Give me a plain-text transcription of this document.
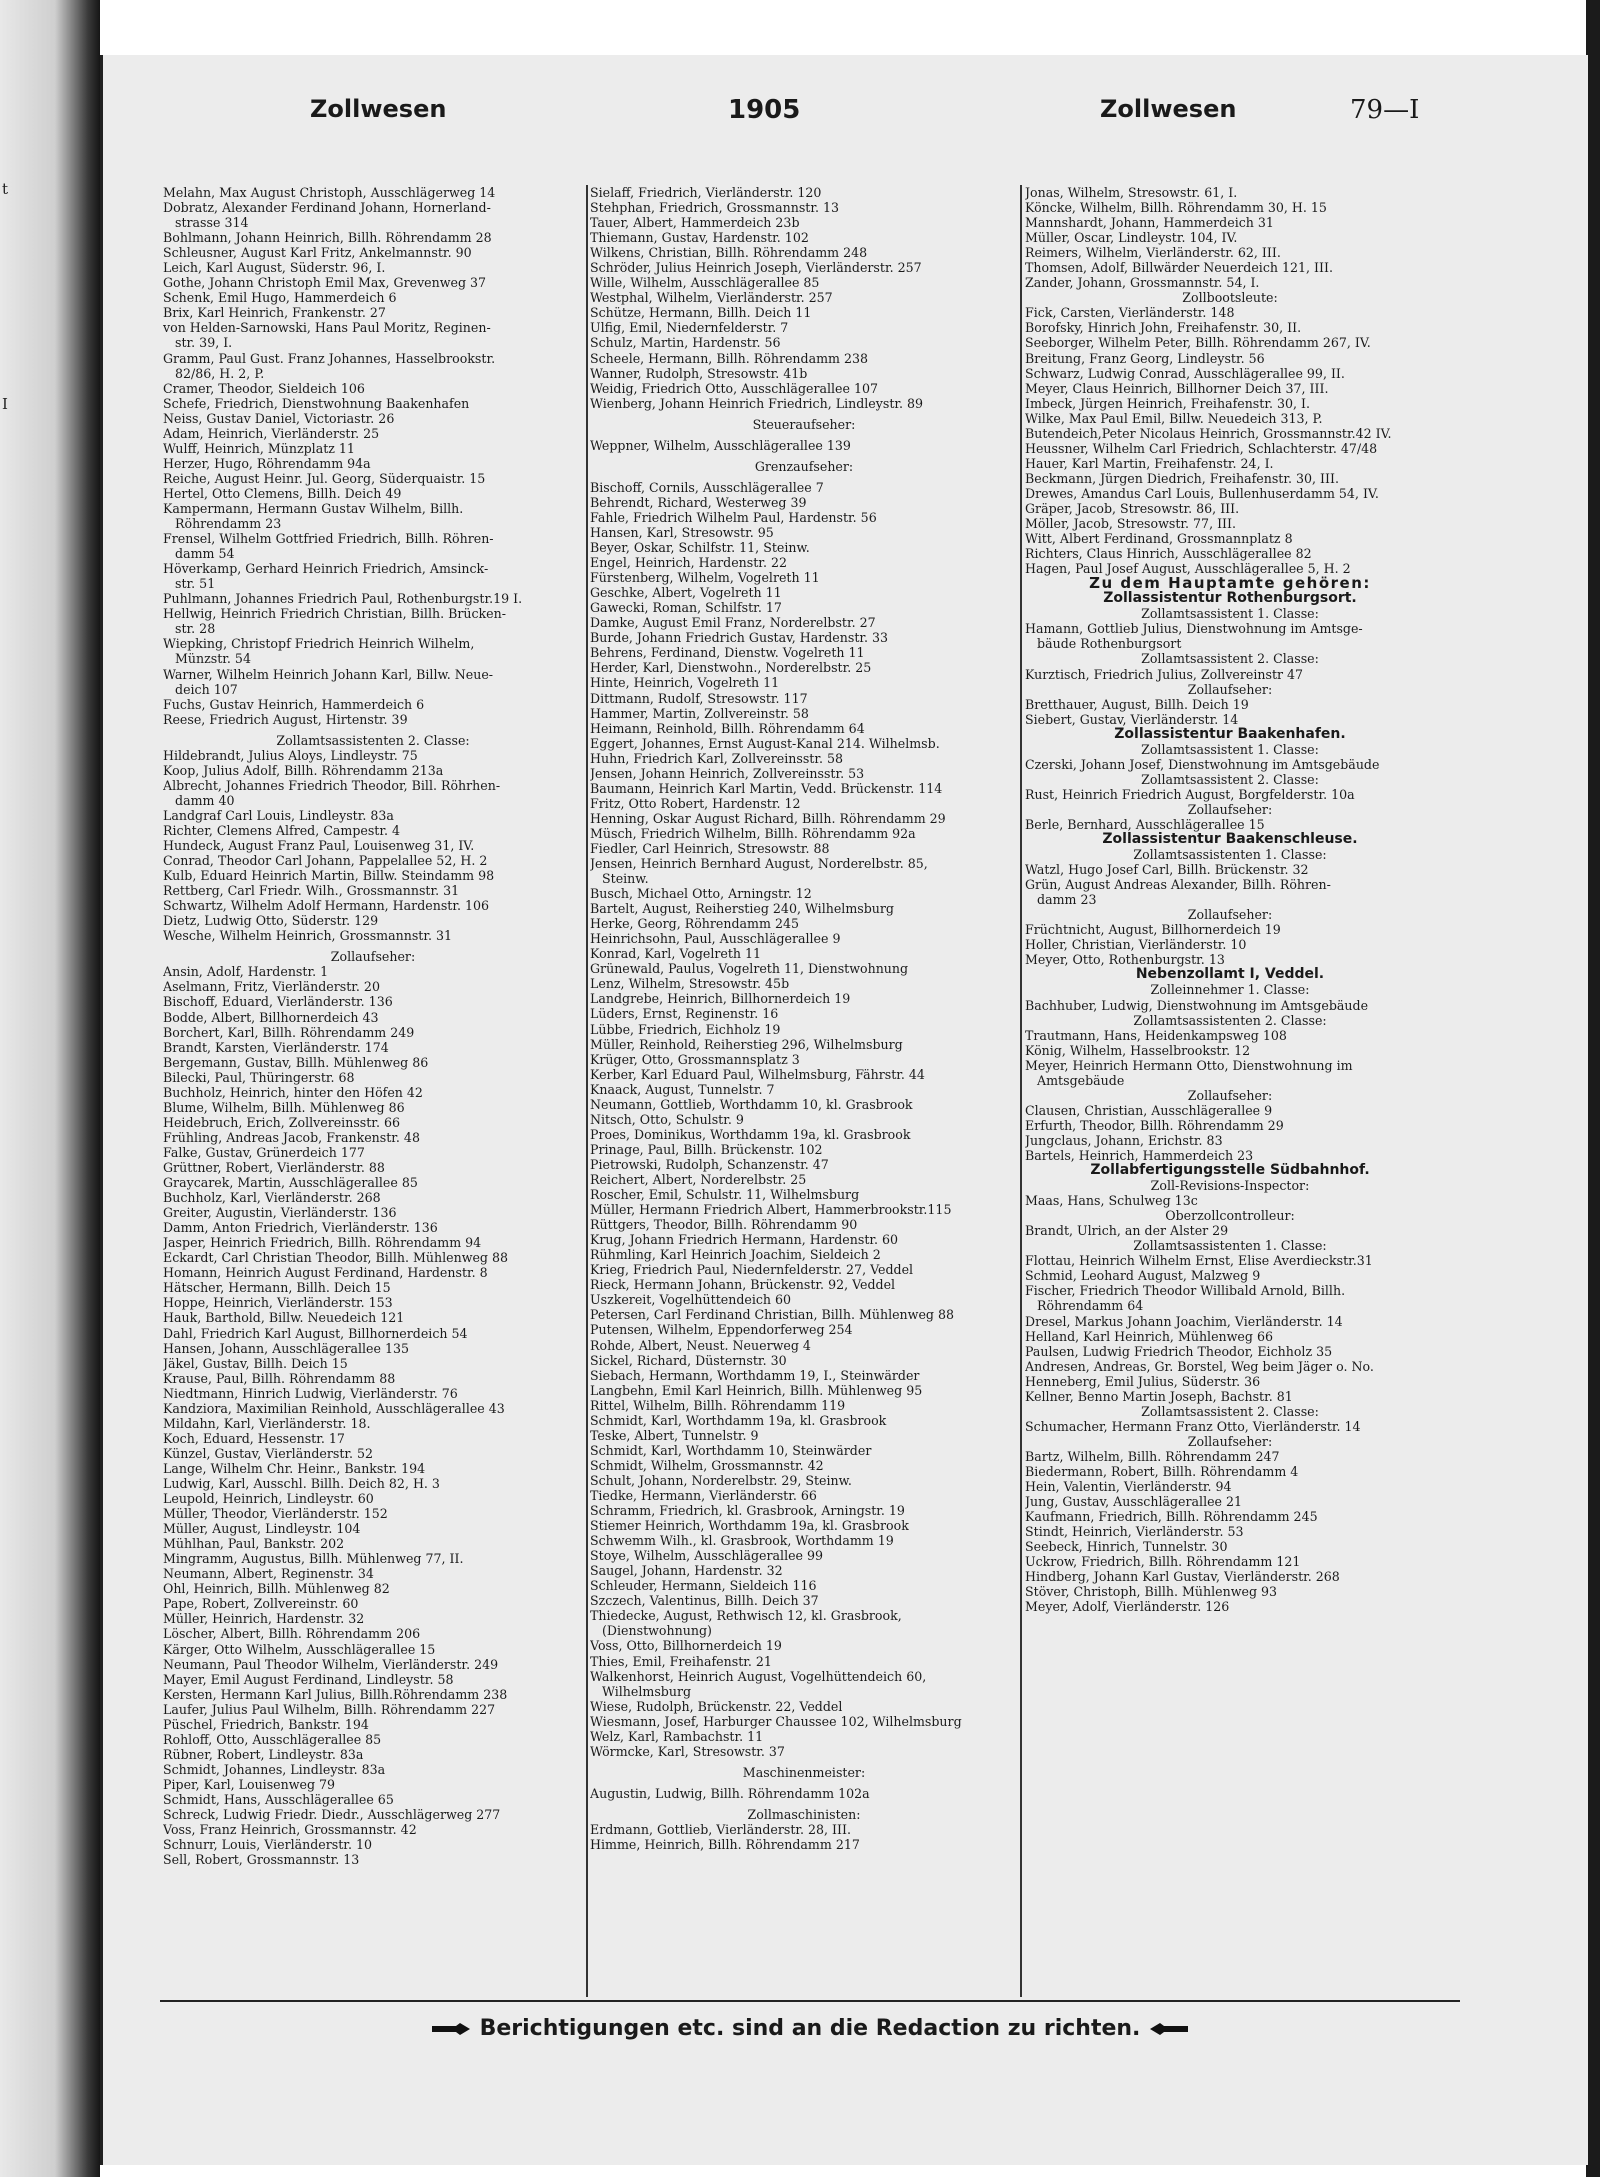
t
I
Zollwesen	1905	Zollwesen	79—I
Melahn, Max August Christoph, Ausschlägerweg 14
Dobratz, Alexander Ferdinand Johann, Hornerland-
strasse 314
Bohlmann, Johann Heinrich, Billh. Röhrendamm 28
Schleusner, August Karl Fritz, Ankelmannstr. 90
Leich, Karl August, Süderstr. 96, I.
Gothe, Johann Christoph Emil Max, Grevenweg 37
Schenk, Emil Hugo, Hammerdeich 6
Brix, Karl Heinrich, Frankenstr. 27
von Helden-Sarnowski, Hans Paul Moritz, Reginen-
str. 39, I.
Gramm, Paul Gust. Franz Johannes, Hasselbrookstr.
82/86, H. 2, P.
Cramer, Theodor, Sieldeich 106
Schefe, Friedrich, Dienstwohnung Baakenhafen
Neiss, Gustav Daniel, Victoriastr. 26
Adam, Heinrich, Vierländerstr. 25
Wulff, Heinrich, Münzplatz 11
Herzer, Hugo, Röhrendamm 94a
Reiche, August Heinr. Jul. Georg, Süderquaistr. 15
Hertel, Otto Clemens, Billh. Deich 49
Kampermann, Hermann Gustav Wilhelm, Billh.
Röhrendamm 23
Frensel, Wilhelm Gottfried Friedrich, Billh. Röhren-
damm 54
Höverkamp, Gerhard Heinrich Friedrich, Amsinck-
str. 51
Puhlmann, Johannes Friedrich Paul, Rothenburgstr.19 I.
Hellwig, Heinrich Friedrich Christian, Billh. Brücken-
str. 28
Wiepking, Christopf Friedrich Heinrich Wilhelm,
Münzstr. 54
Warner, Wilhelm Heinrich Johann Karl, Billw. Neue-
deich 107
Fuchs, Gustav Heinrich, Hammerdeich 6
Reese, Friedrich August, Hirtenstr. 39
Zollamtsassistenten 2. Classe:
Hildebrandt, Julius Aloys, Lindleystr. 75
Koop, Julius Adolf, Billh. Röhrendamm 213a
Albrecht, Johannes Friedrich Theodor, Bill. Röhrhen-
damm 40
Landgraf Carl Louis, Lindleystr. 83a
Richter, Clemens Alfred, Campestr. 4
Hundeck, August Franz Paul, Louisenweg 31, IV.
Conrad, Theodor Carl Johann, Pappelallee 52, H. 2
Kulb, Eduard Heinrich Martin, Billw. Steindamm 98
Rettberg, Carl Friedr. Wilh., Grossmannstr. 31
Schwartz, Wilhelm Adolf Hermann, Hardenstr. 106
Dietz, Ludwig Otto, Süderstr. 129
Wesche, Wilhelm Heinrich, Grossmannstr. 31
Zollaufseher:
Ansin, Adolf, Hardenstr. 1
Aselmann, Fritz, Vierländerstr. 20
Bischoff, Eduard, Vierländerstr. 136
Bodde, Albert, Billhornerdeich 43
Borchert, Karl, Billh. Röhrendamm 249
Brandt, Karsten, Vierländerstr. 174
Bergemann, Gustav, Billh. Mühlenweg 86
Bilecki, Paul, Thüringerstr. 68
Buchholz, Heinrich, hinter den Höfen 42
Blume, Wilhelm, Billh. Mühlenweg 86
Heidebruch, Erich, Zollvereinsstr. 66
Frühling, Andreas Jacob, Frankenstr. 48
Falke, Gustav, Grünerdeich 177
Grüttner, Robert, Vierländerstr. 88
Graycarek, Martin, Ausschlägerallee 85
Buchholz, Karl, Vierländerstr. 268
Greiter, Augustin, Vierländerstr. 136
Damm, Anton Friedrich, Vierländerstr. 136
Jasper, Heinrich Friedrich, Billh. Röhrendamm 94
Eckardt, Carl Christian Theodor, Billh. Mühlenweg 88
Homann, Heinrich August Ferdinand, Hardenstr. 8
Hätscher, Hermann, Billh. Deich 15
Hoppe, Heinrich, Vierländerstr. 153
Hauk, Barthold, Billw. Neuedeich 121
Dahl, Friedrich Karl August, Billhornerdeich 54
Hansen, Johann, Ausschlägerallee 135
Jäkel, Gustav, Billh. Deich 15
Krause, Paul, Billh. Röhrendamm 88
Niedtmann, Hinrich Ludwig, Vierländerstr. 76
Kandziora, Maximilian Reinhold, Ausschlägerallee 43
Mildahn, Karl, Vierländerstr. 18.
Koch, Eduard, Hessenstr. 17
Künzel, Gustav, Vierländerstr. 52
Lange, Wilhelm Chr. Heinr., Bankstr. 194
Ludwig, Karl, Ausschl. Billh. Deich 82, H. 3
Leupold, Heinrich, Lindleystr. 60
Müller, Theodor, Vierländerstr. 152
Müller, August, Lindleystr. 104
Mühlhan, Paul, Bankstr. 202
Mingramm, Augustus, Billh. Mühlenweg 77, II.
Neumann, Albert, Reginenstr. 34
Ohl, Heinrich, Billh. Mühlenweg 82
Pape, Robert, Zollvereinstr. 60
Müller, Heinrich, Hardenstr. 32
Löscher, Albert, Billh. Röhrendamm 206
Kärger, Otto Wilhelm, Ausschlägerallee 15
Neumann, Paul Theodor Wilhelm, Vierländerstr. 249
Mayer, Emil August Ferdinand, Lindleystr. 58
Kersten, Hermann Karl Julius, Billh.Röhrendamm 238
Laufer, Julius Paul Wilhelm, Billh. Röhrendamm 227
Püschel, Friedrich, Bankstr. 194
Rohloff, Otto, Ausschlägerallee 85
Rübner, Robert, Lindleystr. 83a
Schmidt, Johannes, Lindleystr. 83a
Piper, Karl, Louisenweg 79
Schmidt, Hans, Ausschlägerallee 65
Schreck, Ludwig Friedr. Diedr., Ausschlägerweg 277
Voss, Franz Heinrich, Grossmannstr. 42
Schnurr, Louis, Vierländerstr. 10
Sell, Robert, Grossmannstr. 13
Sielaff, Friedrich, Vierländerstr. 120
Stehphan, Friedrich, Grossmannstr. 13
Tauer, Albert, Hammerdeich 23b
Thiemann, Gustav, Hardenstr. 102
Wilkens, Christian, Billh. Röhrendamm 248
Schröder, Julius Heinrich Joseph, Vierländerstr. 257
Wille, Wilhelm, Ausschlägerallee 85
Westphal, Wilhelm, Vierländerstr. 257
Schütze, Hermann, Billh. Deich 11
Ulfig, Emil, Niedernfelderstr. 7
Schulz, Martin, Hardenstr. 56
Scheele, Hermann, Billh. Röhrendamm 238
Wanner, Rudolph, Stresowstr. 41b
Weidig, Friedrich Otto, Ausschlägerallee 107
Wienberg, Johann Heinrich Friedrich, Lindleystr. 89
Steueraufseher:
Weppner, Wilhelm, Ausschlägerallee 139
Grenzaufseher:
Bischoff, Cornils, Ausschlägerallee 7
Behrendt, Richard, Westerweg 39
Fahle, Friedrich Wilhelm Paul, Hardenstr. 56
Hansen, Karl, Stresowstr. 95
Beyer, Oskar, Schilfstr. 11, Steinw.
Engel, Heinrich, Hardenstr. 22
Fürstenberg, Wilhelm, Vogelreth 11
Geschke, Albert, Vogelreth 11
Gawecki, Roman, Schilfstr. 17
Damke, August Emil Franz, Norderelbstr. 27
Burde, Johann Friedrich Gustav, Hardenstr. 33
Behrens, Ferdinand, Dienstw. Vogelreth 11
Herder, Karl, Dienstwohn., Norderelbstr. 25
Hinte, Heinrich, Vogelreth 11
Dittmann, Rudolf, Stresowstr. 117
Hammer, Martin, Zollvereinstr. 58
Heimann, Reinhold, Billh. Röhrendamm 64
Eggert, Johannes, Ernst August-Kanal 214. Wilhelmsb.
Huhn, Friedrich Karl, Zollvereinsstr. 58
Jensen, Johann Heinrich, Zollvereinsstr. 53
Baumann, Heinrich Karl Martin, Vedd. Brückenstr. 114
Fritz, Otto Robert, Hardenstr. 12
Henning, Oskar August Richard, Billh. Röhrendamm 29
Müsch, Friedrich Wilhelm, Billh. Röhrendamm 92a
Fiedler, Carl Heinrich, Stresowstr. 88
Jensen, Heinrich Bernhard August, Norderelbstr. 85,
Steinw.
Busch, Michael Otto, Arningstr. 12
Bartelt, August, Reiherstieg 240, Wilhelmsburg
Herke, Georg, Röhrendamm 245
Heinrichsohn, Paul, Ausschlägerallee 9
Konrad, Karl, Vogelreth 11
Grünewald, Paulus, Vogelreth 11, Dienstwohnung
Lenz, Wilhelm, Stresowstr. 45b
Landgrebe, Heinrich, Billhornerdeich 19
Lüders, Ernst, Reginenstr. 16
Lübbe, Friedrich, Eichholz 19
Müller, Reinhold, Reiherstieg 296, Wilhelmsburg
Krüger, Otto, Grossmannsplatz 3
Kerber, Karl Eduard Paul, Wilhelmsburg, Fährstr. 44
Knaack, August, Tunnelstr. 7
Neumann, Gottlieb, Worthdamm 10, kl. Grasbrook
Nitsch, Otto, Schulstr. 9
Proes, Dominikus, Worthdamm 19a, kl. Grasbrook
Prinage, Paul, Billh. Brückenstr. 102
Pietrowski, Rudolph, Schanzenstr. 47
Reichert, Albert, Norderelbstr. 25
Roscher, Emil, Schulstr. 11, Wilhelmsburg
Müller, Hermann Friedrich Albert, Hammerbrookstr.115
Rüttgers, Theodor, Billh. Röhrendamm 90
Krug, Johann Friedrich Hermann, Hardenstr. 60
Rühmling, Karl Heinrich Joachim, Sieldeich 2
Krieg, Friedrich Paul, Niedernfelderstr. 27, Veddel
Rieck, Hermann Johann, Brückenstr. 92, Veddel
Uszkereit, Vogelhüttendeich 60
Petersen, Carl Ferdinand Christian, Billh. Mühlenweg 88
Putensen, Wilhelm, Eppendorferweg 254
Rohde, Albert, Neust. Neuerweg 4
Sickel, Richard, Düsternstr. 30
Siebach, Hermann, Worthdamm 19, I., Steinwärder
Langbehn, Emil Karl Heinrich, Billh. Mühlenweg 95
Rittel, Wilhelm, Billh. Röhrendamm 119
Schmidt, Karl, Worthdamm 19a, kl. Grasbrook
Teske, Albert, Tunnelstr. 9
Schmidt, Karl, Worthdamm 10, Steinwärder
Schmidt, Wilhelm, Grossmannstr. 42
Schult, Johann, Norderelbstr. 29, Steinw.
Tiedke, Hermann, Vierländerstr. 66
Schramm, Friedrich, kl. Grasbrook, Arningstr. 19
Stiemer Heinrich, Worthdamm 19a, kl. Grasbrook
Schwemm Wilh., kl. Grasbrook, Worthdamm 19
Stoye, Wilhelm, Ausschlägerallee 99
Saugel, Johann, Hardenstr. 32
Schleuder, Hermann, Sieldeich 116
Szczech, Valentinus, Billh. Deich 37
Thiedecke, August, Rethwisch 12, kl. Grasbrook,
(Dienstwohnung)
Voss, Otto, Billhornerdeich 19
Thies, Emil, Freihafenstr. 21
Walkenhorst, Heinrich August, Vogelhüttendeich 60,
Wilhelmsburg
Wiese, Rudolph, Brückenstr. 22, Veddel
Wiesmann, Josef, Harburger Chaussee 102, Wilhelmsburg
Welz, Karl, Rambachstr. 11
Wörmcke, Karl, Stresowstr. 37
Maschinenmeister:
Augustin, Ludwig, Billh. Röhrendamm 102a
Zollmaschinisten:
Erdmann, Gottlieb, Vierländerstr. 28, III.
Himme, Heinrich, Billh. Röhrendamm 217
Jonas, Wilhelm, Stresowstr. 61, I.
Köncke, Wilhelm, Billh. Röhrendamm 30, H. 15
Mannshardt, Johann, Hammerdeich 31
Müller, Oscar, Lindleystr. 104, IV.
Reimers, Wilhelm, Vierländerstr. 62, III.
Thomsen, Adolf, Billwärder Neuerdeich 121, III.
Zander, Johann, Grossmannstr. 54, I.
Zollbootsleute:
Fick, Carsten, Vierländerstr. 148
Borofsky, Hinrich John, Freihafenstr. 30, II.
Seeborger, Wilhelm Peter, Billh. Röhrendamm 267, IV.
Breitung, Franz Georg, Lindleystr. 56
Schwarz, Ludwig Conrad, Ausschlägerallee 99, II.
Meyer, Claus Heinrich, Billhorner Deich 37, III.
Imbeck, Jürgen Heinrich, Freihafenstr. 30, I.
Wilke, Max Paul Emil, Billw. Neuedeich 313, P.
Butendeich,Peter Nicolaus Heinrich, Grossmannstr.42 IV.
Heussner, Wilhelm Carl Friedrich, Schlachterstr. 47/48
Hauer, Karl Martin, Freihafenstr. 24, I.
Beckmann, Jürgen Diedrich, Freihafenstr. 30, III.
Drewes, Amandus Carl Louis, Bullenhuserdamm 54, IV.
Gräper, Jacob, Stresowstr. 86, III.
Möller, Jacob, Stresowstr. 77, III.
Witt, Albert Ferdinand, Grossmannplatz 8
Richters, Claus Hinrich, Ausschlägerallee 82
Hagen, Paul Josef August, Ausschlägerallee 5, H. 2
Zu dem Hauptamte gehören:
Zollassistentur Rothenburgsort.
Zollamtsassistent 1. Classe:
Hamann, Gottlieb Julius, Dienstwohnung im Amtsge-
bäude Rothenburgsort
Zollamtsassistent 2. Classe:
Kurztisch, Friedrich Julius, Zollvereinstr 47
Zollaufseher:
Bretthauer, August, Billh. Deich 19
Siebert, Gustav, Vierländerstr. 14
Zollassistentur Baakenhafen.
Zollamtsassistent 1. Classe:
Czerski, Johann Josef, Dienstwohnung im Amtsgebäude
Zollamtsassistent 2. Classe:
Rust, Heinrich Friedrich August, Borgfelderstr. 10a
Zollaufseher:
Berle, Bernhard, Ausschlägerallee 15
Zollassistentur Baakenschleuse.
Zollamtsassistenten 1. Classe:
Watzl, Hugo Josef Carl, Billh. Brückenstr. 32
Grün, August Andreas Alexander, Billh. Röhren-
damm 23
Zollaufseher:
Früchtnicht, August, Billhornerdeich 19
Holler, Christian, Vierländerstr. 10
Meyer, Otto, Rothenburgstr. 13
Nebenzollamt I, Veddel.
Zolleinnehmer 1. Classe:
Bachhuber, Ludwig, Dienstwohnung im Amtsgebäude
Zollamtsassistenten 2. Classe:
Trautmann, Hans, Heidenkampsweg 108
König, Wilhelm, Hasselbrookstr. 12
Meyer, Heinrich Hermann Otto, Dienstwohnung im
Amtsgebäude
Zollaufseher:
Clausen, Christian, Ausschlägerallee 9
Erfurth, Theodor, Billh. Röhrendamm 29
Jungclaus, Johann, Erichstr. 83
Bartels, Heinrich, Hammerdeich 23
Zollabfertigungsstelle Südbahnhof.
Zoll-Revisions-Inspector:
Maas, Hans, Schulweg 13c
Oberzollcontrolleur:
Brandt, Ulrich, an der Alster 29
Zollamtsassistenten 1. Classe:
Flottau, Heinrich Wilhelm Ernst, Elise Averdieckstr.31
Schmid, Leohard August, Malzweg 9
Fischer, Friedrich Theodor Willibald Arnold, Billh.
Röhrendamm 64
Dresel, Markus Johann Joachim, Vierländerstr. 14
Helland, Karl Heinrich, Mühlenweg 66
Paulsen, Ludwig Friedrich Theodor, Eichholz 35
Andresen, Andreas, Gr. Borstel, Weg beim Jäger o. No.
Henneberg, Emil Julius, Süderstr. 36
Kellner, Benno Martin Joseph, Bachstr. 81
Zollamtsassistent 2. Classe:
Schumacher, Hermann Franz Otto, Vierländerstr. 14
Zollaufseher:
Bartz, Wilhelm, Billh. Röhrendamm 247
Biedermann, Robert, Billh. Röhrendamm 4
Hein, Valentin, Vierländerstr. 94
Jung, Gustav, Ausschlägerallee 21
Kaufmann, Friedrich, Billh. Röhrendamm 245
Stindt, Heinrich, Vierländerstr. 53
Seebeck, Hinrich, Tunnelstr. 30
Uckrow, Friedrich, Billh. Röhrendamm 121
Hindberg, Johann Karl Gustav, Vierländerstr. 268
Stöver, Christoph, Billh. Mühlenweg 93
Meyer, Adolf, Vierländerstr. 126
Berichtigungen etc. sind an die Redaction zu richten.
